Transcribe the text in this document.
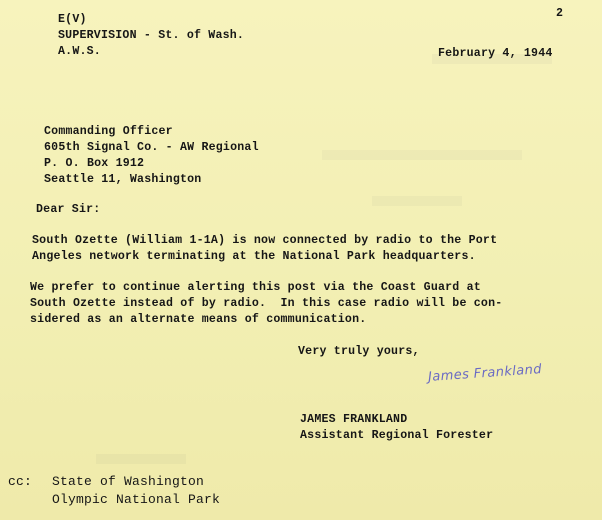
2

E(V)

SUPERVISION - St. of Wash.

A.W.S.	February 4, 1944

Commanding Officer

605th Signal Co. - AW Regional

P. O. Box 1912

Seattle 11, Washington

Dear Sir:

South Ozette (William 1-1A) is now connected by radio to the Port

Angeles network terminating at the National Park headquarters.

We prefer to continue alerting this post via the Coast Guard at

South Ozette instead of by radio.  In this case radio will be con-

sidered as an alternate means of communication.

Very truly yours,

James Frankland

JAMES FRANKLAND

Assistant Regional Forester

cc: State of Washington

Olympic National Park
